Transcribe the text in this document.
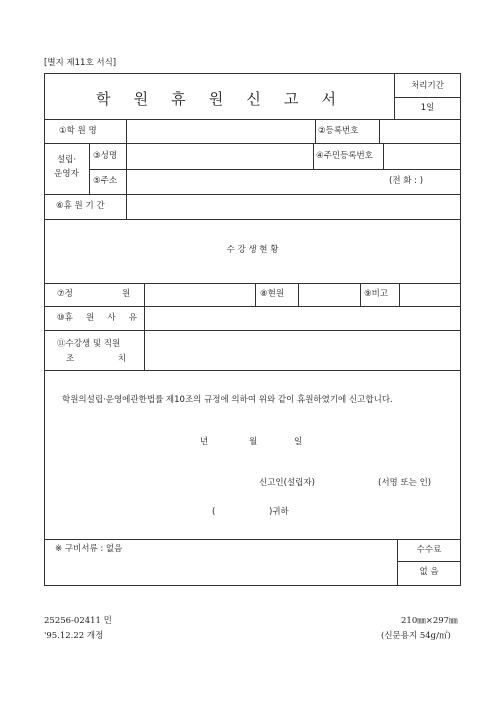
[별지 제11호 서식]
학 원 휴 원 신 고 서
처리기간
1일
①학 원 명	②등록번호
설립·
운영자
③성명	④주민등록번호
⑤주소	(전 화 : )
⑥휴 원 기 간
수 강 생 현 황
⑦정	원	⑧현원	⑨비고
⑩휴 원 사 유
⑪수강생 및 직원
조	치
학원의설립·운영에관한법률 제10조의 규정에 의하여 위와 같이 휴원하였기에 신고합니다.
년	월	일
신고인(설립자)	(서명 또는 인)
(	)귀하
※ 구비서류 : 없음	수수료
없 음
25256-02411 민
'95.12.22 개정
210㎜×297㎜
(신문용지 54g/㎡)
